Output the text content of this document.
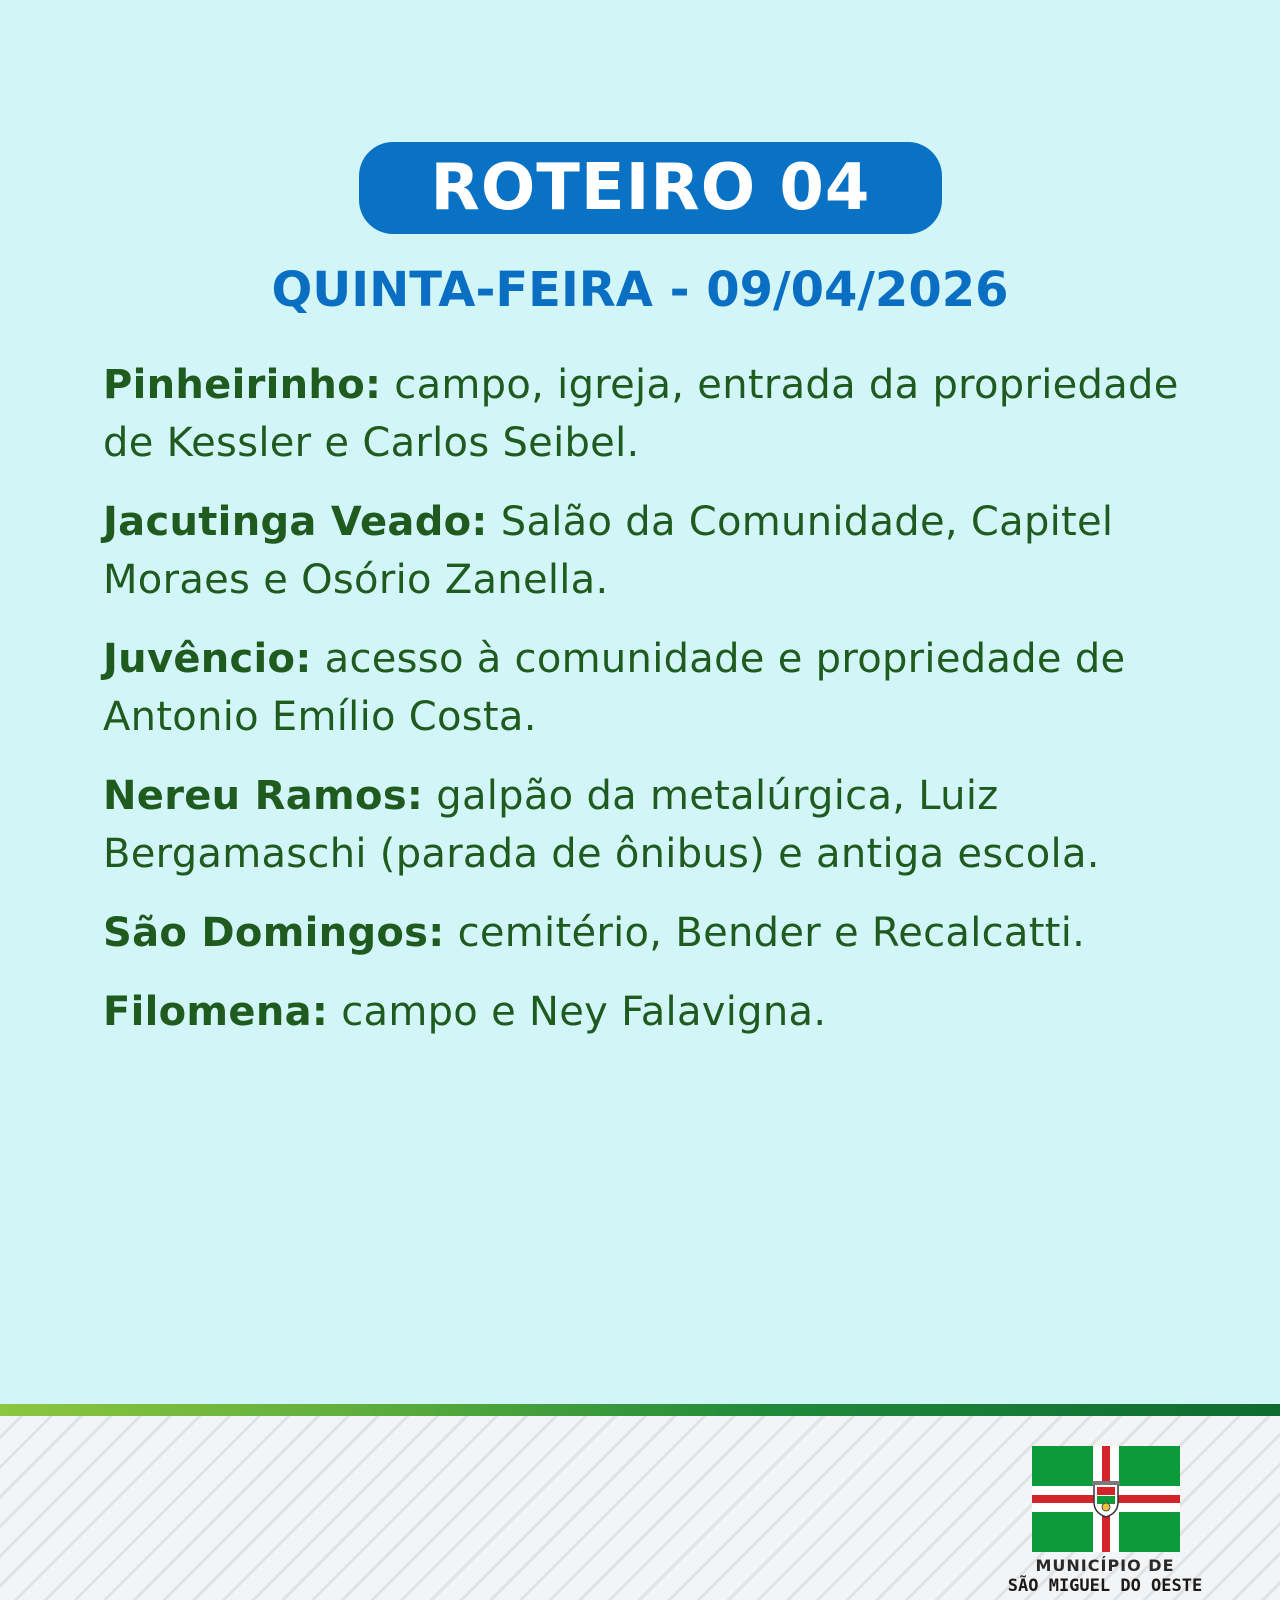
ROTEIRO 04
QUINTA-FEIRA - 09/04/2026

Pinheirinho: campo, igreja, entrada da propriedade de Kessler e Carlos Seibel.

Jacutinga Veado: Salão da Comunidade, Capitel Moraes e Osório Zanella.

Juvêncio: acesso à comunidade e propriedade de Antonio Emílio Costa.

Nereu Ramos: galpão da metalúrgica, Luiz Bergamaschi (parada de ônibus) e antiga escola.

São Domingos: cemitério, Bender e Recalcatti.

Filomena: campo e Ney Falavigna.

MUNICÍPIO DE
SÃO MIGUEL DO OESTE
